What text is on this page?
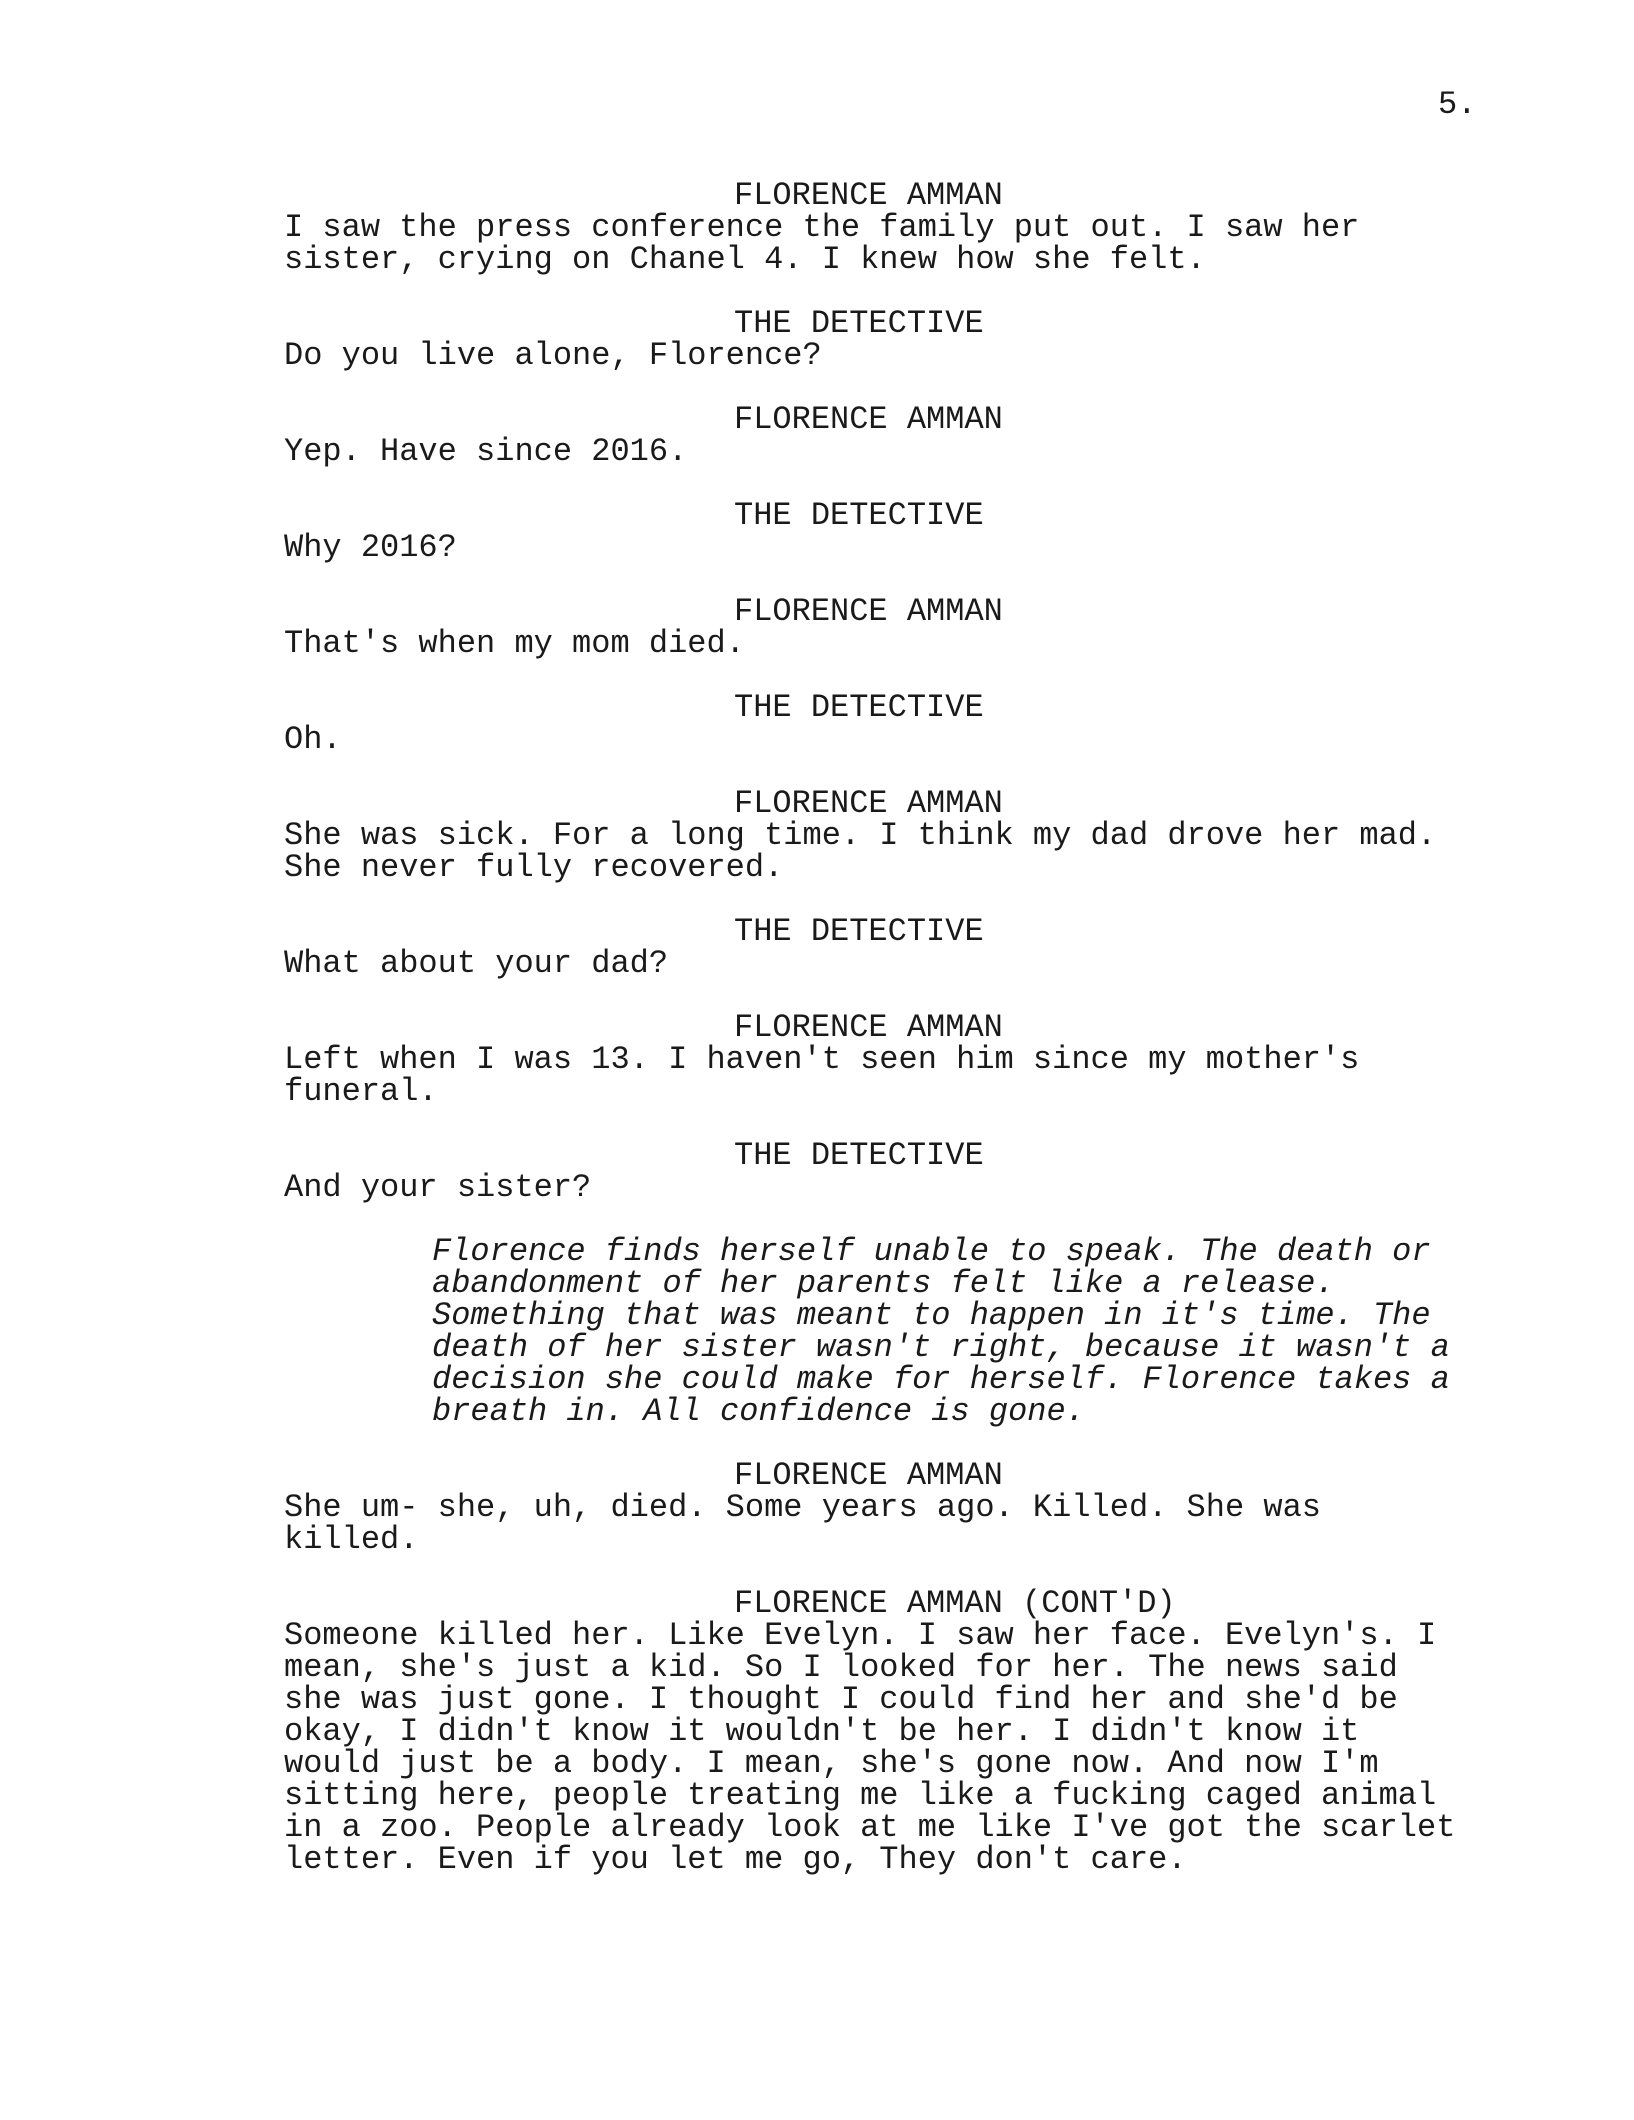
5.
FLORENCE AMMAN
I saw the press conference the family put out. I saw her
sister, crying on Chanel 4. I knew how she felt.
THE DETECTIVE
Do you live alone, Florence?
FLORENCE AMMAN
Yep. Have since 2016.
THE DETECTIVE
Why 2016?
FLORENCE AMMAN
That's when my mom died.
THE DETECTIVE
Oh.
FLORENCE AMMAN
She was sick. For a long time. I think my dad drove her mad.
She never fully recovered.
THE DETECTIVE
What about your dad?
FLORENCE AMMAN
Left when I was 13. I haven't seen him since my mother's
funeral.
THE DETECTIVE
And your sister?
Florence finds herself unable to speak. The death or
abandonment of her parents felt like a release.
Something that was meant to happen in it's time. The
death of her sister wasn't right, because it wasn't a
decision she could make for herself. Florence takes a
breath in. All confidence is gone.
FLORENCE AMMAN
She um- she, uh, died. Some years ago. Killed. She was
killed.
FLORENCE AMMAN (CONT'D)
Someone killed her. Like Evelyn. I saw her face. Evelyn's. I
mean, she's just a kid. So I looked for her. The news said
she was just gone. I thought I could find her and she'd be
okay, I didn't know it wouldn't be her. I didn't know it
would just be a body. I mean, she's gone now. And now I'm
sitting here, people treating me like a fucking caged animal
in a zoo. People already look at me like I've got the scarlet
letter. Even if you let me go, They don't care.
